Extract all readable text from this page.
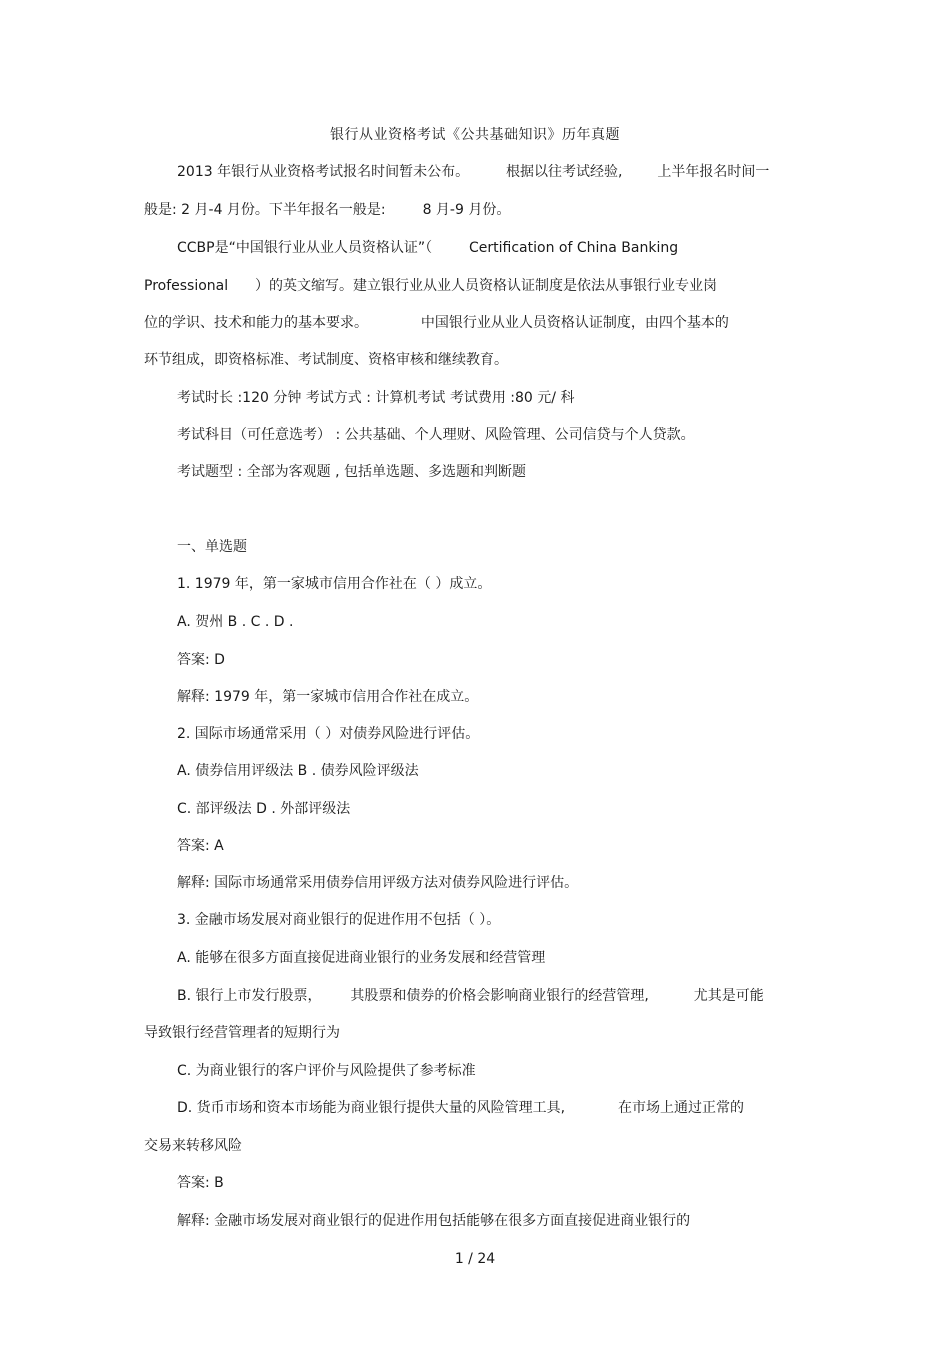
银行从业资格考试《公共基础知识》历年真题
2013 年银行从业资格考试报名时间暂未公布。	根据以往考试经验, 上半年报名时间一
般是: 2 月-4 月份。下半年报名一般是:	8 月-9 月份。
CCBP是“中国银行业从业人员资格认证”（	Certification of China Banking
Professional ）的英文缩写。建立银行业从业人员资格认证制度是依法从事银行业专业岗
位的学识、技术和能力的基本要求。	中国银行业从业人员资格认证制度，由四个基本的
环节组成，即资格标准、考试制度、资格审核和继续教育。
考试时长 :120 分钟 考试方式 : 计算机考试 考试费用 :80 元/ 科
考试科目（可任意选考） : 公共基础、个人理财、风险管理、公司信贷与个人贷款。
考试题型 : 全部为客观题 , 包括单选题、多选题和判断题
一、单选题
1. 1979 年，第一家城市信用合作社在（ ）成立。
A. 贺州 B . C . D .
答案: D
解释: 1979 年，第一家城市信用合作社在成立。
2. 国际市场通常采用（ ）对债券风险进行评估。
A. 债券信用评级法 B . 债券风险评级法
C. 部评级法 D . 外部评级法
答案: A
解释: 国际市场通常采用债券信用评级方法对债券风险进行评估。
3. 金融市场发展对商业银行的促进作用不包括（ ）。
A. 能够在很多方面直接促进商业银行的业务发展和经营管理
B. 银行上市发行股票， 其股票和债券的价格会影响商业银行的经营管理,	尤其是可能
导致银行经营管理者的短期行为
C. 为商业银行的客户评价与风险提供了参考标准
D. 货币市场和资本市场能为商业银行提供大量的风险管理工具,	在市场上通过正常的
交易来转移风险
答案: B
解释: 金融市场发展对商业银行的促进作用包括能够在很多方面直接促进商业银行的
1 / 24
